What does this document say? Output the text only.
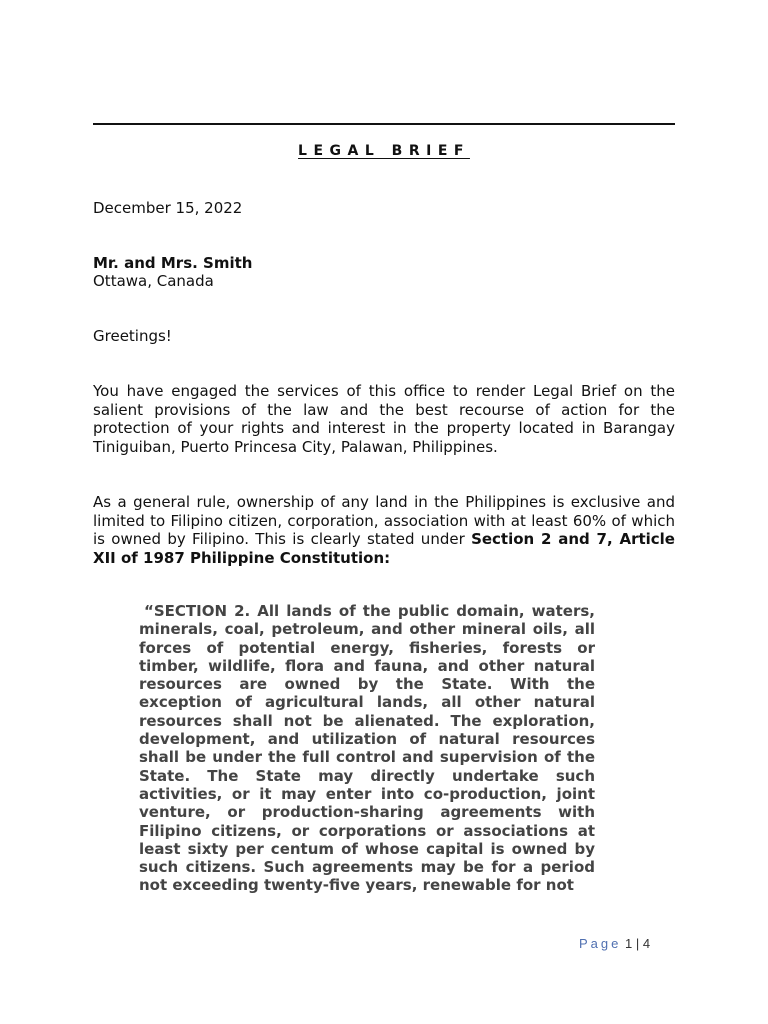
LEGAL BRIEF

December 15, 2022

Mr. and Mrs. Smith

Ottawa, Canada

Greetings!

You have engaged the services of this office to render Legal Brief on the salient provisions of the law and the best recourse of action for the protection of your rights and interest in the property located in Barangay Tiniguiban, Puerto Princesa City, Palawan, Philippines.

As a general rule, ownership of any land in the Philippines is exclusive and limited to Filipino citizen, corporation, association with at least 60% of which is owned by Filipino. This is clearly stated under Section 2 and 7, Article XII of 1987 Philippine Constitution:

“SECTION 2. All lands of the public domain, waters, minerals, coal, petroleum, and other mineral oils, all forces of potential energy, fisheries, forests or timber, wildlife, flora and fauna, and other natural resources are owned by the State. With the exception of agricultural lands, all other natural resources shall not be alienated. The exploration, development, and utilization of natural resources shall be under the full control and supervision of the State. The State may directly undertake such activities, or it may enter into co-production, joint venture, or production-sharing agreements with Filipino citizens, or corporations or associations at least sixty per centum of whose capital is owned by such citizens. Such agreements may be for a period not exceeding twenty-five years, renewable for not

Page 1 | 4
